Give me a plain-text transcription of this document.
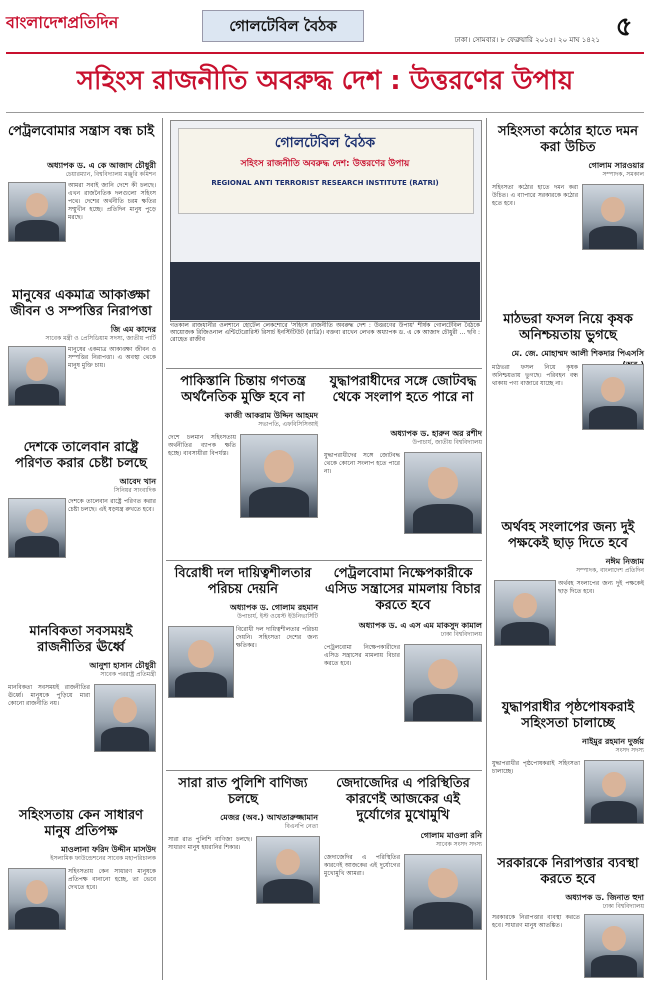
বাংলাদেশপ্রতিদিন	গোলটেবিল বৈঠক
ঢাকা। সোমবার। ৮ ফেব্রুয়ারি ২০১৫। ২০ মাঘ ১৪২১ ৫
সহিংস রাজনীতি অবরুদ্ধ দেশ : উত্তরণের উপায়
গোলটেবিল বৈঠক
সহিংস রাজনীতি অবরুদ্ধ দেশ: উত্তরণের উপায়
REGIONAL ANTI TERRORIST RESEARCH INSTITUTE (RATRI)
গতকাল রাজধানীর ওলশানে হোটেল লেকশোরে 'সহিংস রাজনীতি অবরুদ্ধ দেশ : উত্তরণের উপায়' শীর্ষক গোলটেবিল বৈঠকে আয়োজক রিজিওনাল এন্টিটেরোরিস্ট রিসার্চ ইনস্টিটিউট (রাত্রি)। বক্তব্য রাখেন লেখক অধ্যাপক ড. এ কে আজাদ চৌধুরী ... ছবি : রোহেত রাজীব
পেট্রলবোমার সন্ত্রাস বন্ধ চাই
অধ্যাপক ড. এ কে আজাদ চৌধুরী
চেয়ারম্যান, বিশ্ববিদ্যালয় মঞ্জুরি কমিশন
আমরা সবাই জানি দেশে কী চলছে। এখন রাজনৈতিক দলগুলো সহিংস পথে। দেশের অর্থনীতি চরম ক্ষতির সম্মুখীন হচ্ছে। প্রতিদিন মানুষ পুড়ে মরছে।
মানুষের একমাত্র আকাঙ্ক্ষা জীবন ও সম্পত্তির নিরাপত্তা
জি এম কাদের
সাবেক মন্ত্রী ও প্রেসিডিয়াম সদস্য, জাতীয় পার্টি
মানুষের একমাত্র আকাঙ্ক্ষা জীবন ও সম্পত্তির নিরাপত্তা। এ অবস্থা থেকে মানুষ মুক্তি চায়।
দেশকে তালেবান রাষ্ট্রে পরিণত করার চেষ্টা চলছে
আবেদ খান
সিনিয়র সাংবাদিক
দেশকে তালেবান রাষ্ট্রে পরিণত করার চেষ্টা চলছে। এই ষড়যন্ত্র রুখতে হবে।
মানবিকতা সবসময়ই রাজনীতির ঊর্ধ্বে
আনুশা হাসান চৌধুরী
সাবেক পররাষ্ট্র প্রতিমন্ত্রী
মানবিকতা সবসময়ই রাজনীতির ঊর্ধ্বে। মানুষকে পুড়িয়ে মারা কোনো রাজনীতি নয়।
সহিংসতায় কেন সাধারণ মানুষ প্রতিপক্ষ
মাওলানা ফরিদ উদ্দীন মাসউদ
ইসলামিক ফাউন্ডেশনের সাবেক মহাপরিচালক
সহিংসতায় কেন সাধারণ মানুষকে প্রতিপক্ষ বানানো হচ্ছে, তা ভেবে দেখতে হবে।
পাকিস্তানি চিন্তায় গণতন্ত্র অর্থনৈতিক মুক্তি হবে না
কাজী আকরাম উদ্দিন আহমদ
সভাপতি, এফবিসিসিআই
দেশে চলমান সহিংসতায় অর্থনীতির ব্যাপক ক্ষতি হচ্ছে। ব্যবসায়ীরা বিপর্যস্ত।
যুদ্ধাপরাধীদের সঙ্গে জোটবদ্ধ থেকে সংলাপ হতে পারে না
অধ্যাপক ড. হারুন অর রশীদ
উপাচার্য, জাতীয় বিশ্ববিদ্যালয়
যুদ্ধাপরাধীদের সঙ্গে জোটবদ্ধ থেকে কোনো সংলাপ হতে পারে না।
বিরোধী দল দায়িত্বশীলতার পরিচয় দেয়নি
অধ্যাপক ড. গোলাম রহমান
উপাচার্য, ইস্ট ওয়েস্ট ইউনিভার্সিটি
বিরোধী দল দায়িত্বশীলতার পরিচয় দেয়নি। সহিংসতা দেশের জন্য ক্ষতিকর।
পেট্রলবোমা নিক্ষেপকারীকে এসিড সন্ত্রাসের মামলায় বিচার করতে হবে
অধ্যাপক ড. এ এস এম মাকসুদ কামাল
ঢাকা বিশ্ববিদ্যালয়
পেট্রলবোমা নিক্ষেপকারীদের এসিড সন্ত্রাসের মামলায় বিচার করতে হবে।
সারা রাত পুলিশি বাণিজ্য চলছে
মেজর (অব.) আখতারুজ্জামান
বিএনপি নেতা
সারা রাত পুলিশি বাণিজ্য চলছে। সাধারণ মানুষ হয়রানির শিকার।
জেদাজেদির এ পরিস্থিতির কারণেই আজকের এই দুর্যোগের মুখোমুখি
গোলাম মাওলা রনি
সাবেক সংসদ সদস্য
জেদাজেদির এ পরিস্থিতির কারণেই আজকের এই দুর্যোগের মুখোমুখি আমরা।
সহিংসতা কঠোর হাতে দমন করা উচিত
গোলাম সারওয়ার
সম্পাদক, সমকাল
সহিংসতা কঠোর হাতে দমন করা উচিত। এ ব্যাপারে সরকারকে কঠোর হতে হবে।
মাঠভরা ফসল নিয়ে কৃষক অনিশ্চয়তায় ভুগছে
মে. জে. মোহাম্মদ আলী শিকদার পিএসসি
মাঠভরা ফসল নিয়ে কৃষক অনিশ্চয়তায় ভুগছে। পরিবহন বন্ধ থাকায় পণ্য বাজারে যাচ্ছে না।
অর্থবহ সংলাপের জন্য দুই পক্ষকেই ছাড় দিতে হবে
নঈম নিজাম
সম্পাদক, বাংলাদেশ প্রতিদিন
অর্থবহ সংলাপের জন্য দুই পক্ষকেই ছাড় দিতে হবে।
যুদ্ধাপরাধীর পৃষ্ঠপোষকরাই সহিংসতা চালাচ্ছে
নাইমুর রহমান দুর্জয়
সংসদ সদস্য
যুদ্ধাপরাধীর পৃষ্ঠপোষকরাই সহিংসতা চালাচ্ছে।
সরকারকে নিরাপত্তার ব্যবস্থা করতে হবে
অধ্যাপক ড. জিনাত হুদা
ঢাকা বিশ্ববিদ্যালয়
সরকারকে নিরাপত্তার ব্যবস্থা করতে হবে। সাধারণ মানুষ আতঙ্কিত।
